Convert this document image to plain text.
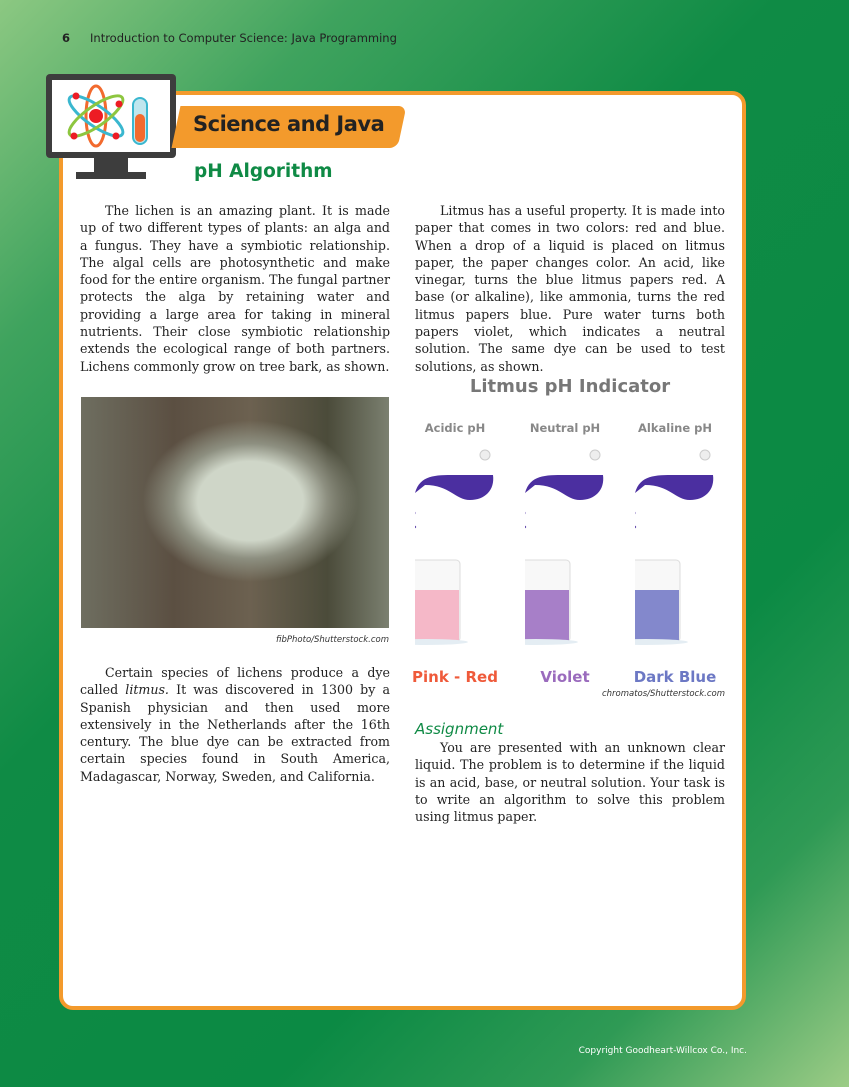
6 Introduction to Computer Science: Java Programming
Science and Java
pH Algorithm

The lichen is an amazing plant. It is made up of two different types of plants: an alga and a fungus. They have a symbiotic relationship. The algal cells are photosynthetic and make food for the entire organism. The fungal partner protects the alga by retaining water and providing a large area for taking in mineral nutrients. Their close symbiotic relationship extends the ecological range of both partners. Lichens commonly grow on tree bark, as shown.

fibPhoto/Shutterstock.com

Certain species of lichens produce a dye called litmus. It was discovered in 1300 by a Spanish physician and then used more extensively in the Netherlands after the 16th century. The blue dye can be extracted from certain species found in South America, Madagascar, Norway, Sweden, and California.

Litmus has a useful property. It is made into paper that comes in two colors: red and blue. When a drop of a liquid is placed on litmus paper, the paper changes color. An acid, like vinegar, turns the blue litmus papers red. A base (or alkaline), like ammonia, turns the red litmus papers blue. Pure water turns both papers violet, which indicates a neutral solution. The same dye can be used to test solutions, as shown.

Litmus pH Indicator
Acidic pH
Pink - Red
Neutral pH
Violet
Alkaline pH
Dark Blue
chromatos/Shutterstock.com
Assignment

You are presented with an unknown clear liquid. The problem is to determine if the liquid is an acid, base, or neutral solution. Your task is to write an algorithm to solve this problem using litmus paper.

Copyright Goodheart-Willcox Co., Inc.
